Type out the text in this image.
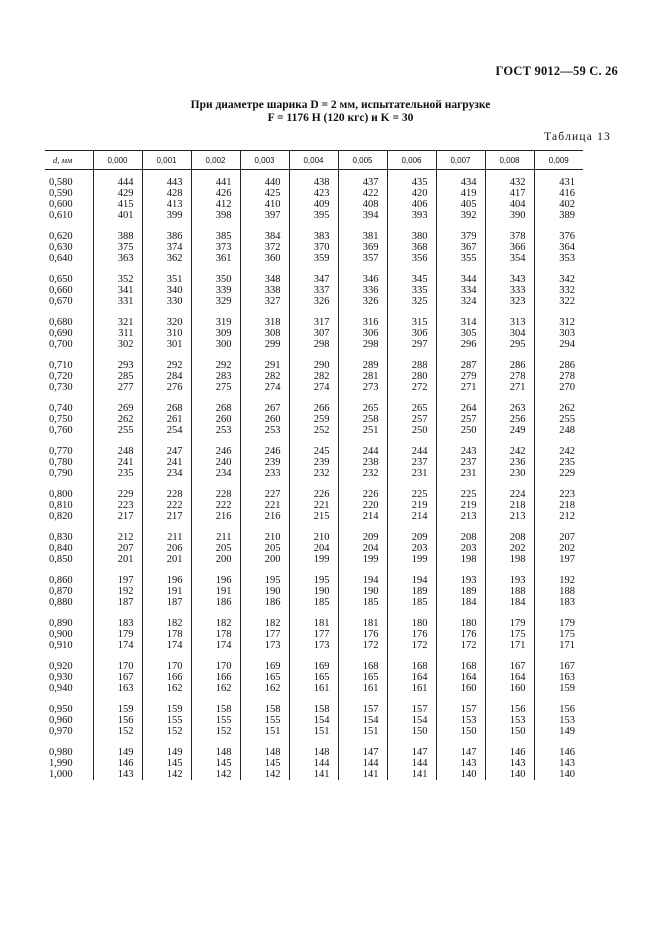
ГОСТ 9012—59 С. 26
При диаметре шарика D = 2 мм, испытательной нагрузке
F = 1176 Н (120 кгс) и K = 30
Таблица 13
d, мм	0,000	0,001	0,002	0,003	0,004	0,005	0,006	0,007	0,008	0,009
0,580	444	443	441	440	438	437	435	434	432	431
0,590	429	428	426	425	423	422	420	419	417	416
0,600	415	413	412	410	409	408	406	405	404	402
0,610	401	399	398	397	395	394	393	392	390	389

0,620	388	386	385	384	383	381	380	379	378	376
0,630	375	374	373	372	370	369	368	367	366	364
0,640	363	362	361	360	359	357	356	355	354	353

0,650	352	351	350	348	347	346	345	344	343	342
0,660	341	340	339	338	337	336	335	334	333	332
0,670	331	330	329	327	326	326	325	324	323	322

0,680	321	320	319	318	317	316	315	314	313	312
0,690	311	310	309	308	307	306	306	305	304	303
0,700	302	301	300	299	298	298	297	296	295	294

0,710	293	292	292	291	290	289	288	287	286	286
0,720	285	284	283	282	282	281	280	279	278	278
0,730	277	276	275	274	274	273	272	271	271	270

0,740	269	268	268	267	266	265	265	264	263	262
0,750	262	261	260	260	259	258	257	257	256	255
0,760	255	254	253	253	252	251	250	250	249	248

0,770	248	247	246	246	245	244	244	243	242	242
0,780	241	241	240	239	239	238	237	237	236	235
0,790	235	234	234	233	232	232	231	231	230	229

0,800	229	228	228	227	226	226	225	225	224	223
0,810	223	222	222	221	221	220	219	219	218	218
0,820	217	217	216	216	215	214	214	213	213	212

0,830	212	211	211	210	210	209	209	208	208	207
0,840	207	206	205	205	204	204	203	203	202	202
0,850	201	201	200	200	199	199	199	198	198	197

0,860	197	196	196	195	195	194	194	193	193	192
0,870	192	191	191	190	190	190	189	189	188	188
0,880	187	187	186	186	185	185	185	184	184	183

0,890	183	182	182	182	181	181	180	180	179	179
0,900	179	178	178	177	177	176	176	176	175	175
0,910	174	174	174	173	173	172	172	172	171	171

0,920	170	170	170	169	169	168	168	168	167	167
0,930	167	166	166	165	165	165	164	164	164	163
0,940	163	162	162	162	161	161	161	160	160	159

0,950	159	159	158	158	158	157	157	157	156	156
0,960	156	155	155	155	154	154	154	153	153	153
0,970	152	152	152	151	151	151	150	150	150	149

0,980	149	149	148	148	148	147	147	147	146	146
1,990	146	145	145	145	144	144	144	143	143	143
1,000	143	142	142	142	141	141	141	140	140	140
